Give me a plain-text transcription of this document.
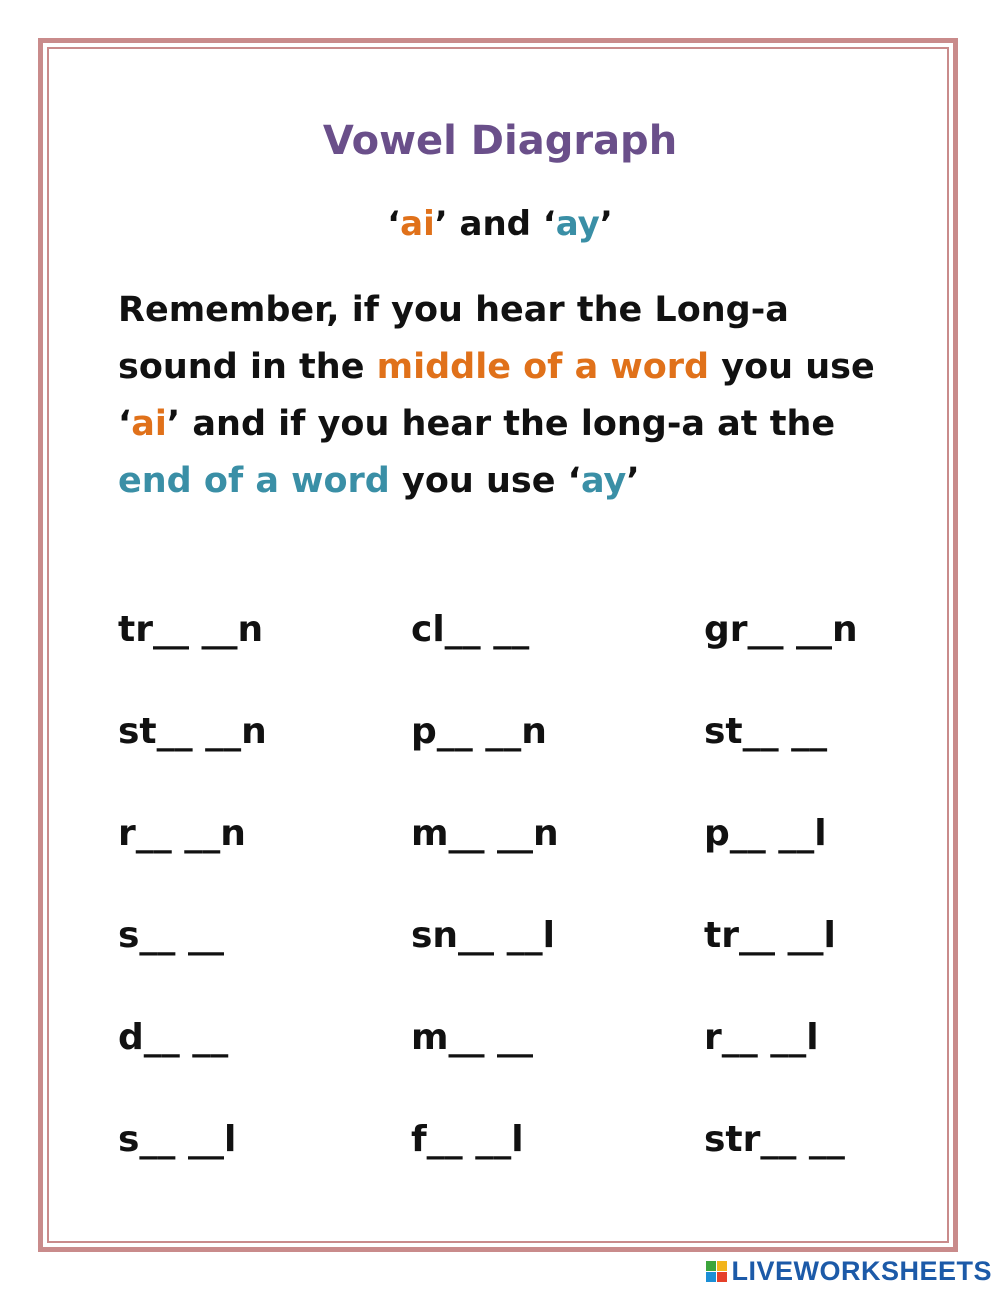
Vowel Diagraph
‘ai’ and ‘ay’
Remember, if you hear the Long-a sound in the middle of a word you use ‘ai’ and if you hear the long-a at the end of a word you use ‘ay’
tr__ __n	cl__ __	gr__ __n
st__ __n	p__ __n	st__ __
r__ __n	m__ __n	p__ __l
s__ __	sn__ __l	tr__ __l
d__ __	m__ __	r__ __l
s__ __l	f__ __l	str__ __
LIVEWORKSHEETS
